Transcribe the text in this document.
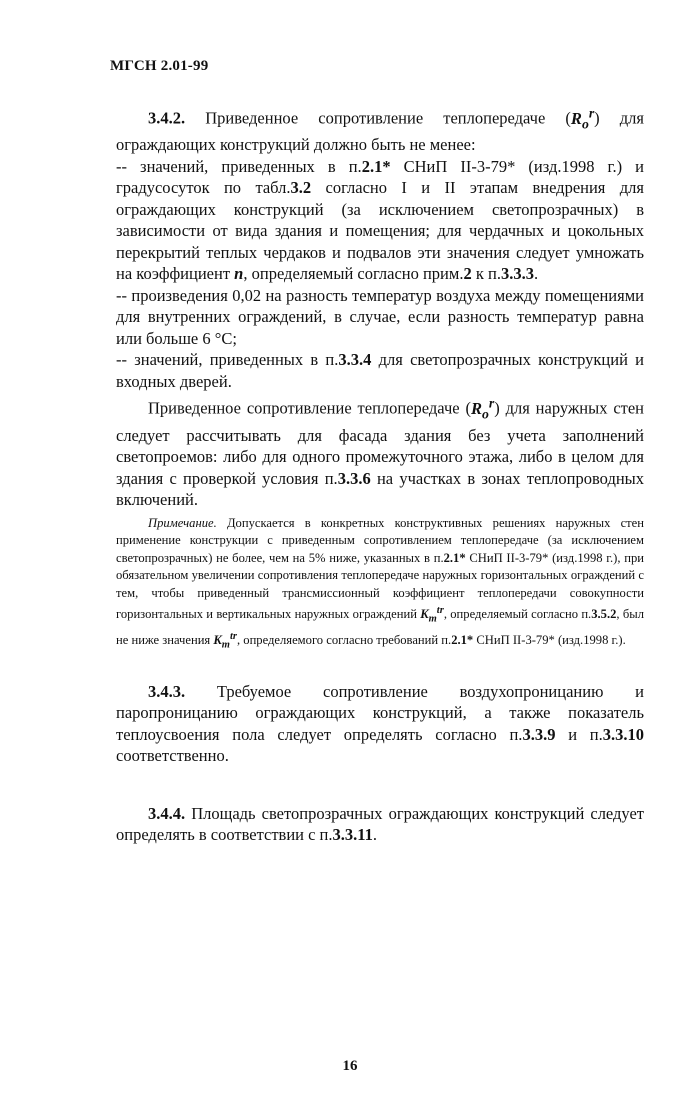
МГСН 2.01-99

3.4.2. Приведенное сопротивление теплопередаче $(R_o^r)$ для ограждающих конструкций должно быть не менее:

-- значений, приведенных в п.2.1* СНиП II-3-79* (изд.1998 г.) и градусосуток по табл.3.2 согласно I и II этапам внедрения для ограждающих конструкций (за исключением светопрозрачных) в зависимости от вида здания и помещения; для чердачных и цокольных перекрытий теплых чердаков и подвалов эти значения следует умножать на коэффициент n, определяемый согласно прим.2 к п.3.3.3.

-- произведения 0,02 на разность температур воздуха между помещениями для внутренних ограждений, в случае, если разность температур равна или больше 6 °С;

-- значений, приведенных в п.3.3.4 для светопрозрачных конструкций и входных дверей.

Приведенное сопротивление теплопередаче $(R_o^r)$ для наружных стен следует рассчитывать для фасада здания без учета заполнений светопроемов: либо для одного промежуточного этажа, либо в целом для здания с проверкой условия п.3.3.6 на участках в зонах теплопроводных включений.

Примечание. Допускается в конкретных конструктивных решениях наружных стен применение конструкции с приведенным сопротивлением теплопередаче (за исключением светопрозрачных) не более, чем на 5% ниже, указанных в п.2.1* СНиП II-3-79* (изд.1998 г.), при обязательном увеличении сопротивления теплопередаче наружных горизонтальных ограждений с тем, чтобы приведенный трансмиссионный коэффициент теплопередачи совокупности горизонтальных и вертикальных наружных ограждений $K_m^{tr}$, определяемый согласно п.3.5.2, был не ниже значения $K_m^{tr}$, определяемого согласно требований п.2.1* СНиП II-3-79* (изд.1998 г.).

3.4.3. Требуемое сопротивление воздухопроницанию и паропроницанию ограждающих конструкций, а также показатель теплоусвоения пола следует определять согласно п.3.3.9 и п.3.3.10 соответственно.

3.4.4. Площадь светопрозрачных ограждающих конструкций следует определять в соответствии с п.3.3.11.

16
